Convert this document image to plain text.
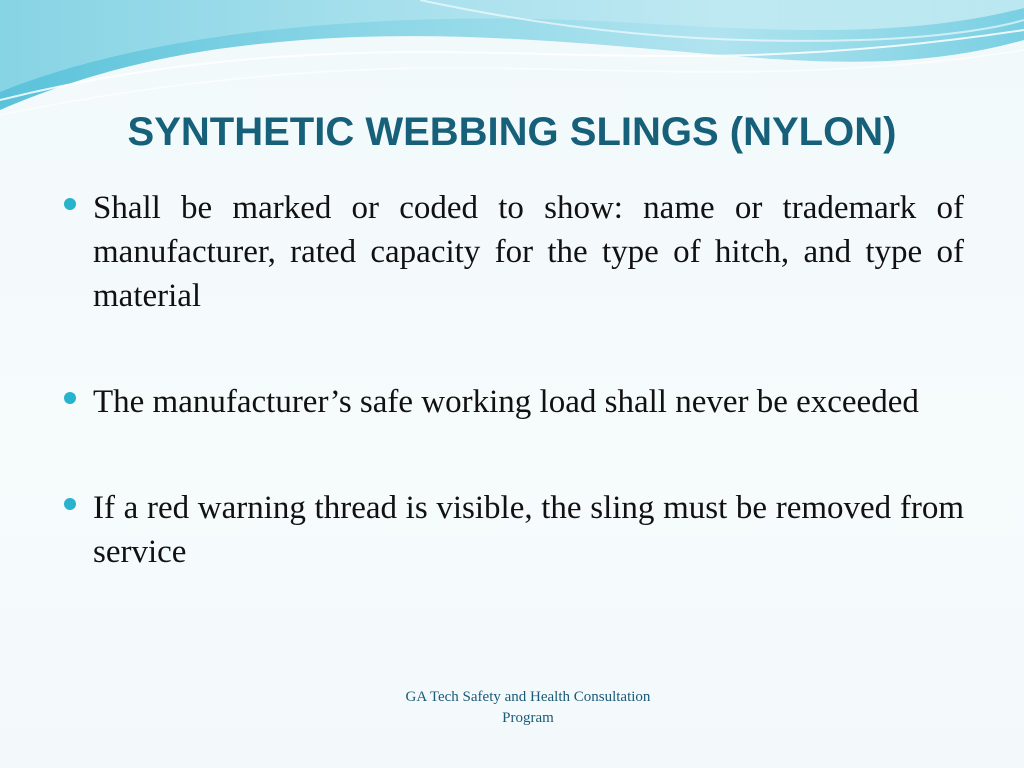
SYNTHETIC WEBBING SLINGS (NYLON)
Shall be marked or coded to show: name or trademark of manufacturer, rated capacity for the type of hitch, and type of material
The manufacturer’s safe working load shall never be exceeded
If a red warning thread is visible, the sling must be removed from service
GA Tech Safety and Health Consultation
Program
